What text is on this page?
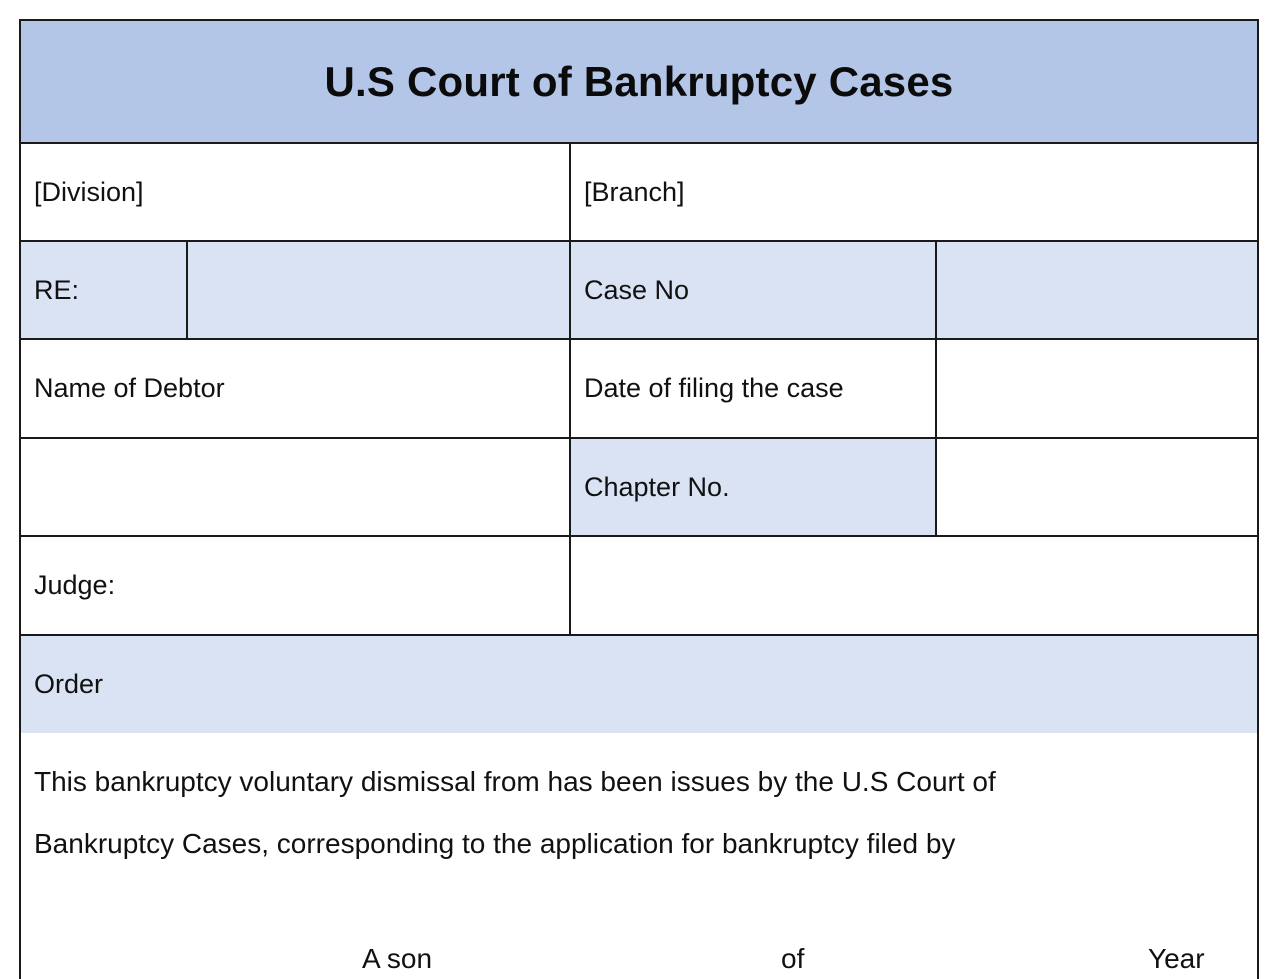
U.S Court of Bankruptcy Cases
[Division]	[Branch]
RE:	Case No
Name of Debtor	Date of filing the case
Chapter No.
Judge:
Order
This bankruptcy voluntary dismissal from has been issues by the U.S Court of
Bankruptcy Cases, corresponding to the application for bankruptcy filed by
A son	of	Year
